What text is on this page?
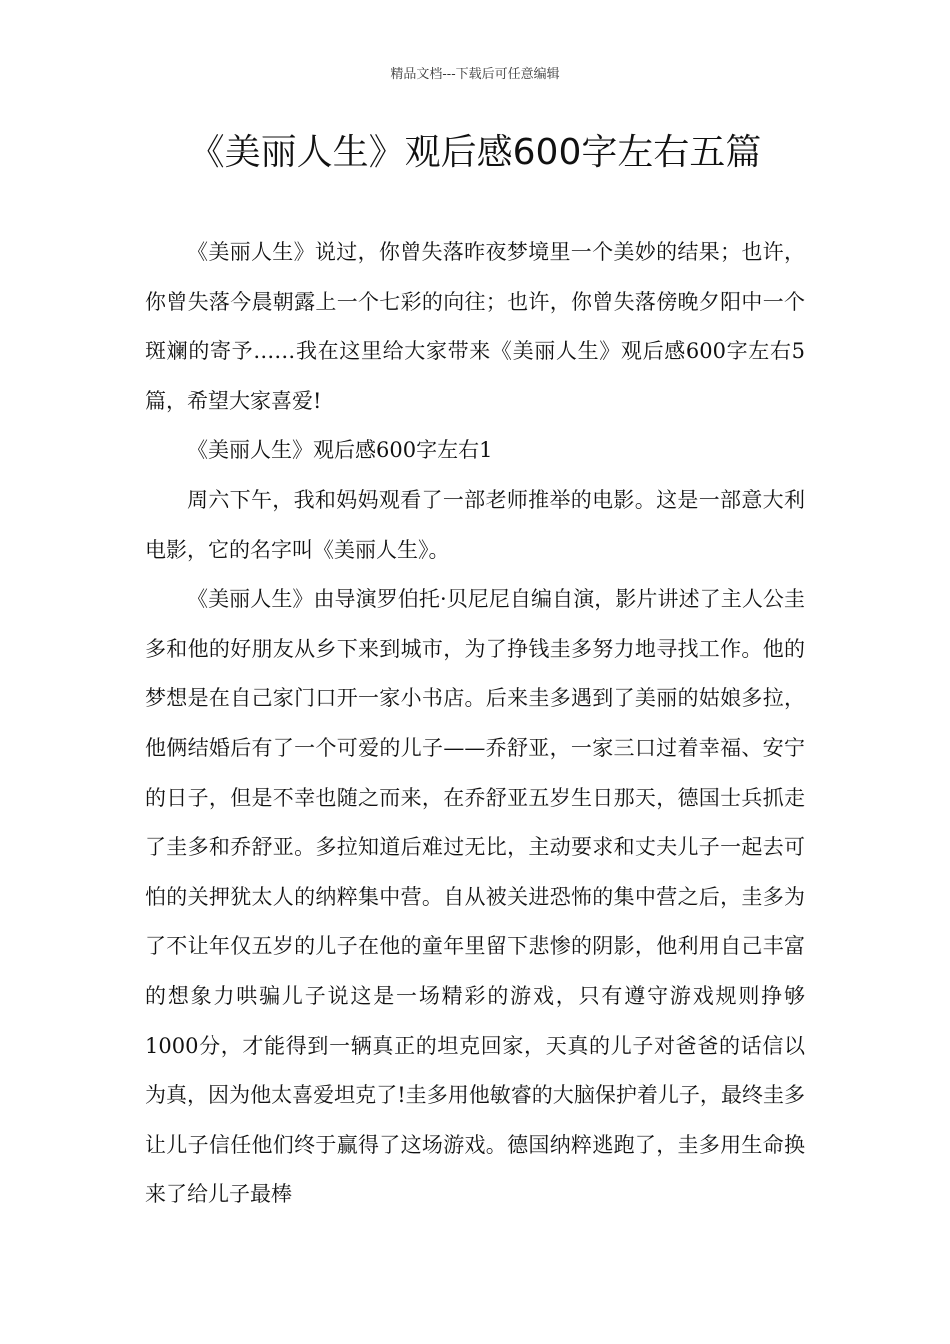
精品文档---下载后可任意编辑
《美丽人生》观后感600字左右五篇

《美丽人生》说过，你曾失落昨夜梦境里一个美妙的结果；也许，你曾失落今晨朝露上一个七彩的向往；也许，你曾失落傍晚夕阳中一个斑斓的寄予……我在这里给大家带来《美丽人生》观后感600字左右5篇，希望大家喜爱!

《美丽人生》观后感600字左右1

周六下午，我和妈妈观看了一部老师推举的电影。这是一部意大利电影，它的名字叫《美丽人生》。

《美丽人生》由导演罗伯托·贝尼尼自编自演，影片讲述了主人公圭多和他的好朋友从乡下来到城市，为了挣钱圭多努力地寻找工作。他的梦想是在自己家门口开一家小书店。后来圭多遇到了美丽的姑娘多拉，他俩结婚后有了一个可爱的儿子——乔舒亚，一家三口过着幸福、安宁的日子，但是不幸也随之而来，在乔舒亚五岁生日那天，德国士兵抓走了圭多和乔舒亚。多拉知道后难过无比，主动要求和丈夫儿子一起去可怕的关押犹太人的纳粹集中营。自从被关进恐怖的集中营之后，圭多为了不让年仅五岁的儿子在他的童年里留下悲惨的阴影，他利用自己丰富的想象力哄骗儿子说这是一场精彩的游戏，只有遵守游戏规则挣够1000分，才能得到一辆真正的坦克回家，天真的儿子对爸爸的话信以为真，因为他太喜爱坦克了!圭多用他敏睿的大脑保护着儿子，最终圭多让儿子信任他们终于赢得了这场游戏。德国纳粹逃跑了，圭多用生命换来了给儿子最棒
